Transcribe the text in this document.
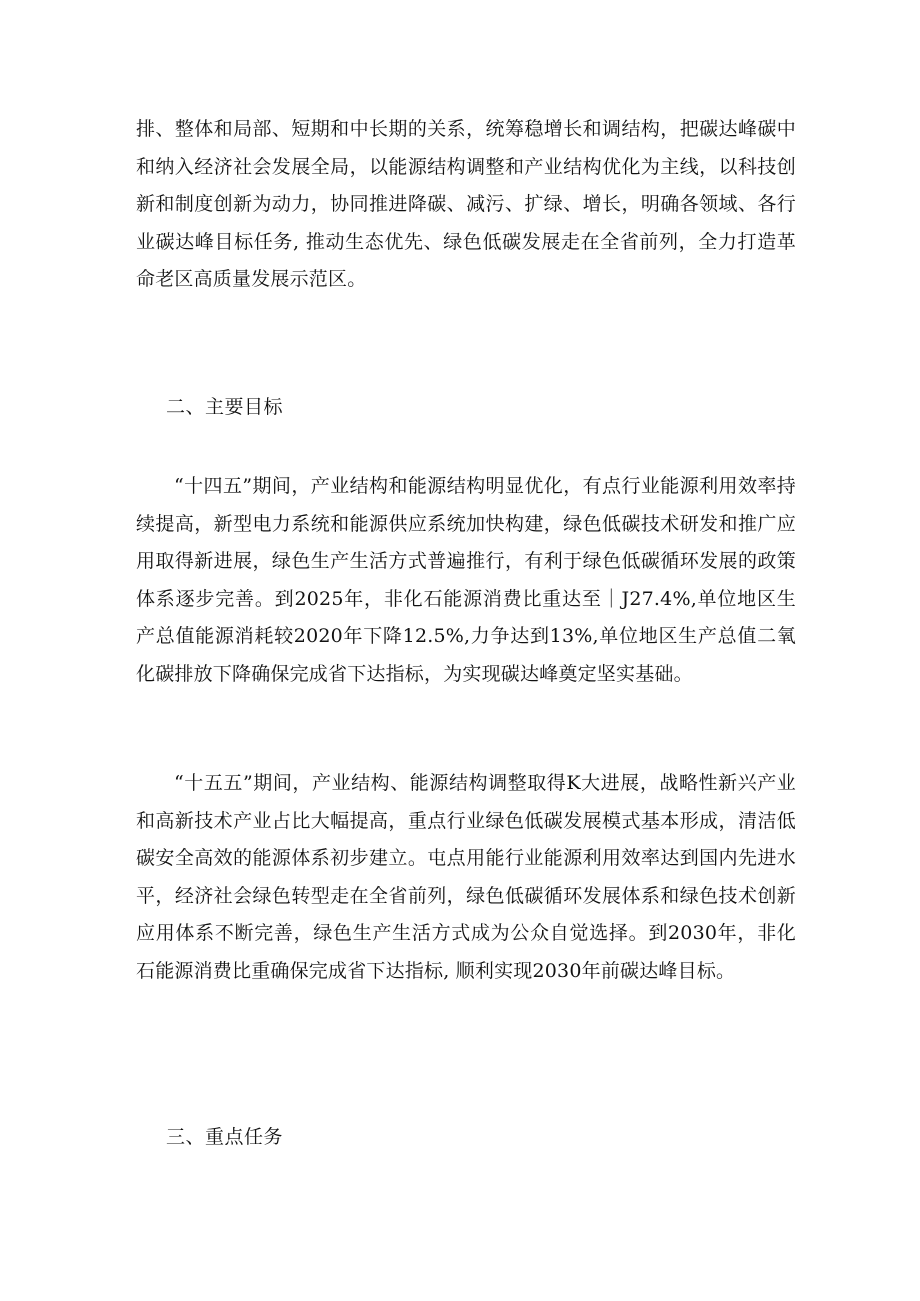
排、整体和局部、短期和中长期的关系，统筹稳增长和调结构，把碳达峰碳中和纳入经济社会发展全局，以能源结构调整和产业结构优化为主线，以科技创新和制度创新为动力，协同推进降碳、减污、扩绿、增长，明确各领域、各行业碳达峰目标任务, 推动生态优先、绿色低碳发展走在全省前列，全力打造革命老区高质量发展示范区。

二、主要目标

“十四五”期间，产业结构和能源结构明显优化，有点行业能源利用效率持续提高，新型电力系统和能源供应系统加快构建，绿色低碳技术研发和推广应用取得新进展，绿色生产生活方式普遍推行，有利于绿色低碳循环发展的政策体系逐步完善。到2025年，非化石能源消费比重达至｜J27.4%,单位地区生产总值能源消耗较2020年下降12.5%,力争达到13%,单位地区生产总值二氧化碳排放下降确保完成省下达指标，为实现碳达峰奠定坚实基础。

“十五五”期间，产业结构、能源结构调整取得K大进展，战略性新兴产业和高新技术产业占比大幅提高，重点行业绿色低碳发展模式基本形成，清洁低碳安全高效的能源体系初步建立。屯点用能行业能源利用效率达到国内先进水平，经济社会绿色转型走在全省前列，绿色低碳循环发展体系和绿色技术创新应用体系不断完善，绿色生产生活方式成为公众自觉选择。到2030年，非化石能源消费比重确保完成省下达指标, 顺利实现2030年前碳达峰目标。

三、重点任务
